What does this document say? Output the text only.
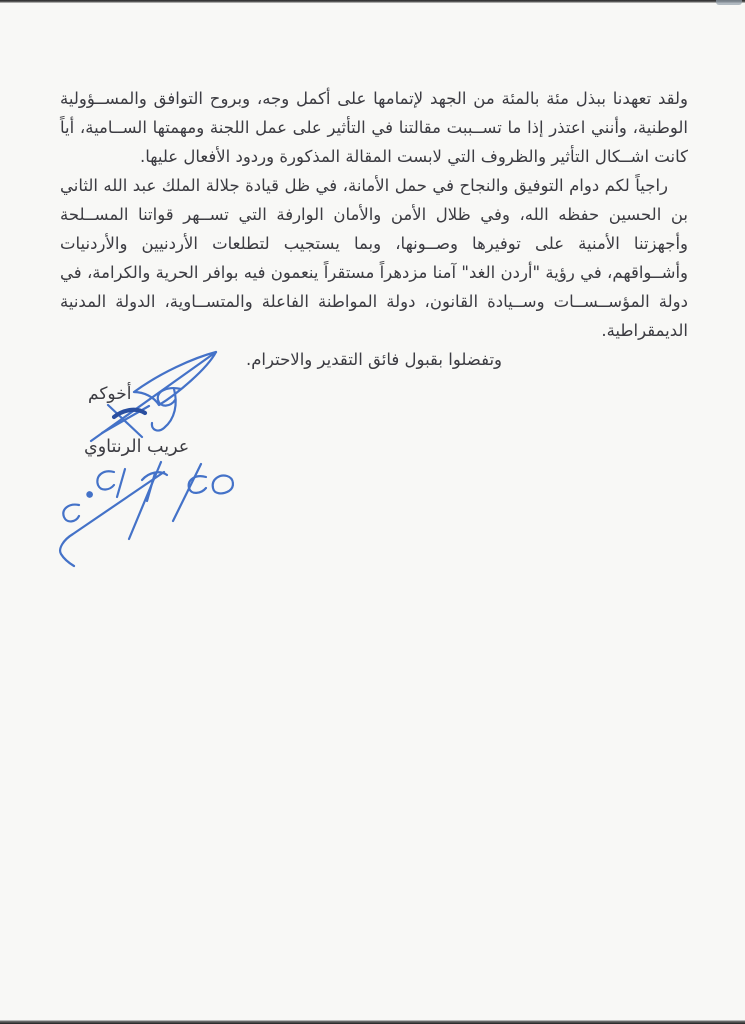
ولقد تعهدنا ببذل مئة بالمئة من الجهد لإتمامها على أكمل وجه، وبروح التوافق والمســؤولية الوطنية، وأنني اعتذر إذا ما تســببت مقالتنا في التأثير على عمل اللجنة ومهمتها الســامية، أياً كانت اشــكال التأثير والظروف التي لابست المقالة المذكورة وردود الأفعال عليها.

راجياً لكم دوام التوفيق والنجاح في حمل الأمانة، في ظل قيادة جلالة الملك عبد الله الثاني بن الحسين حفظه الله، وفي ظلال الأمن والأمان الوارفة التي تســهر قواتنا المســلحة وأجهزتنا الأمنية على توفيرها وصــونها، وبما يستجيب لتطلعات الأردنيين والأردنيات وأشــواقهم، في رؤية "أردن الغد" آمنا مزدهراً مستقراً ينعمون فيه بوافر الحرية والكرامة، في دولة المؤســســات وســيادة القانون، دولة المواطنة الفاعلة والمتســاوية، الدولة المدنية الديمقراطية.

وتفضلوا بقبول فائق التقدير والاحترام.

أخوكم
عريب الرنتاوي
